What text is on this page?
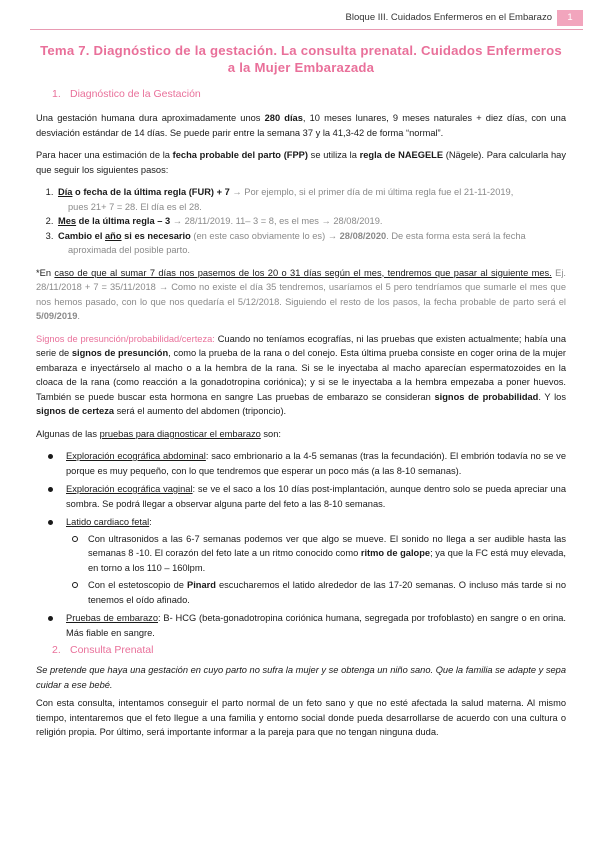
Bloque III. Cuidados Enfermeros en el Embarazo	1
Tema 7. Diagnóstico de la gestación. La consulta prenatal. Cuidados Enfermeros a la Mujer Embarazada
1. Diagnóstico de la Gestación

Una gestación humana dura aproximadamente unos 280 días, 10 meses lunares, 9 meses naturales + diez días, con una desviación estándar de 14 días. Se puede parir entre la semana 37 y la 41,3-42 de forma “normal”.

Para hacer una estimación de la fecha probable del parto (FPP) se utiliza la regla de NAEGELE (Nägele). Para calcularla hay que seguir los siguientes pasos:

1. Día o fecha de la última regla (FUR) + 7 → Por ejemplo, si el primer día de mi última regla fue el 21-11-2019,
pues 21+ 7 = 28. El día es el 28.
2. Mes de la última regla – 3 → 28/11/2019. 11– 3 = 8, es el mes → 28/08/2019.
3. Cambio el año si es necesario (en este caso obviamente lo es) → 28/08/2020. De esta forma esta será la fecha
aproximada del posible parto.

*En caso de que al sumar 7 días nos pasemos de los 20 o 31 días según el mes, tendremos que pasar al siguiente mes. Ej. 28/11/2018 + 7 = 35/11/2018 → Como no existe el día 35 tendremos, usaríamos el 5 pero tendríamos que sumarle el mes que nos hemos pasado, con lo que nos quedaría el 5/12/2018. Siguiendo el resto de los pasos, la fecha probable de parto será el 5/09/2019.

Signos de presunción/probabilidad/certeza: Cuando no teníamos ecografías, ni las pruebas que existen actualmente; había una serie de signos de presunción, como la prueba de la rana o del conejo. Esta última prueba consiste en coger orina de la mujer embaraza e inyectárselo al macho o a la hembra de la rana. Si se le inyectaba al macho aparecían espermatozoides en la cloaca de la rana (como reacción a la gonadotropina coriónica); y si se le inyectaba a la hembra empezaba a poner huevos. También se puede buscar esta hormona en sangre Las pruebas de embarazo se consideran signos de probabilidad. Y los signos de certeza será el aumento del abdomen (triponcio).

Algunas de las pruebas para diagnosticar el embarazo son:

Exploración ecográfica abdominal: saco embrionario a la 4-5 semanas (tras la fecundación). El embrión todavía no se ve porque es muy pequeño, con lo que tendremos que esperar un poco más (a las 8-10 semanas).
Exploración ecográfica vaginal: se ve el saco a los 10 días post-implantación, aunque dentro solo se pueda apreciar una sombra. Se podrá llegar a observar alguna parte del feto a las 8-10 semanas.
Latido cardiaco fetal:
Con ultrasonidos a las 6-7 semanas podemos ver que algo se mueve. El sonido no llega a ser audible hasta las semanas 8 -10. El corazón del feto late a un ritmo conocido como ritmo de galope; ya que la FC está muy elevada, en torno a los 110 – 160lpm.
Con el estetoscopio de Pinard escucharemos el latido alrededor de las 17-20 semanas. O incluso más tarde si no tenemos el oído afinado.
Pruebas de embarazo: B- HCG (beta-gonadotropina coriónica humana, segregada por trofoblasto) en sangre o en orina. Más fiable en sangre.
2. Consulta Prenatal

Se pretende que haya una gestación en cuyo parto no sufra la mujer y se obtenga un niño sano. Que la familia se adapte y sepa cuidar a ese bebé.

Con esta consulta, intentamos conseguir el parto normal de un feto sano y que no esté afectada la salud materna. Al mismo tiempo, intentaremos que el feto llegue a una familia y entorno social donde pueda desarrollarse de acuerdo con una cultura o religión propia. Por último, será importante informar a la pareja para que no tengan ninguna duda.
